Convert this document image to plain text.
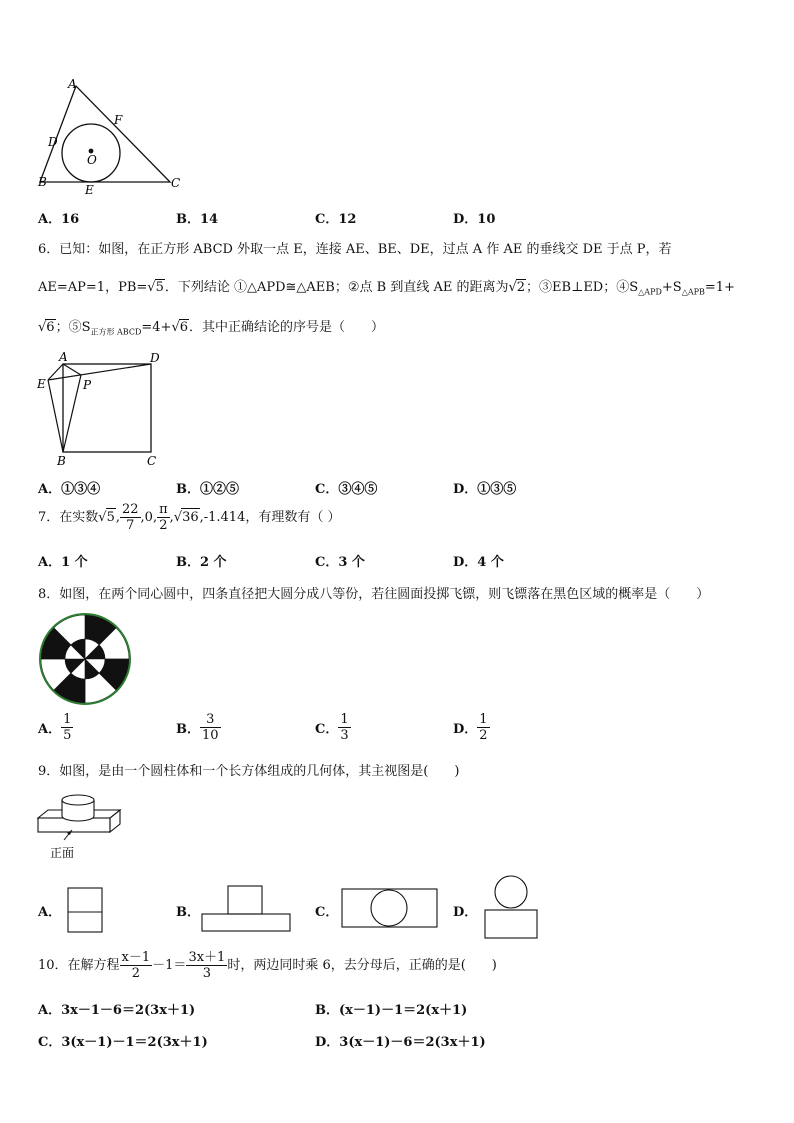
A
D
F
O
B
E	C
A．16	B．14	C．12	D．10
6．已知：如图，在正方形 ABCD 外取一点 E，连接 AE、BE、DE，过点 A 作 AE 的垂线交 DE 于点 P，若
AE=AP=1，PB=√5．下列结论 ①△APD≅△AEB；②点 B 到直线 AE 的距离为√2；③EB⊥ED；$④S_{\triangle APD}+S_{\triangle APB}=1+$
√6；$⑤S_{正方形 ABCD}=4+√6$．其中正确结论的序号是（　　）
A	D
E	P
B	C
A．①③④	B．①②⑤	C．③④⑤	D．①③⑤
7．在实数√5, $\frac{22}{7} ,0$, $\frac{\pi}{2} ,√36,-1.414$，有理数有（ ）
A．1 个	B．2 个	C．3 个	D．4 个
8．如图，在两个同心圆中，四条直径把大圆分成八等份，若往圆面投掷飞镖，则飞镖落在黑色区域的概率是（　　）
A． $\frac{1}{5}$	B． $\frac{3}{10}$	C． $\frac{1}{3}$	D． $\frac{1}{2}$
9．如图，是由一个圆柱体和一个长方体组成的几何体，其主视图是(　　)
正面
A．	B．	C．	D．
10．在解方程 $\frac{x-1}{2} -1= \frac{3x+1}{3}$ 时，两边同时乘 6，去分母后，正确的是(　　)
A．3x－1－6＝2(3x＋1)	B．(x－1)－1＝2(x＋1)
C．3(x－1)－1＝2(3x＋1)	D．3(x－1)－6＝2(3x＋1)
